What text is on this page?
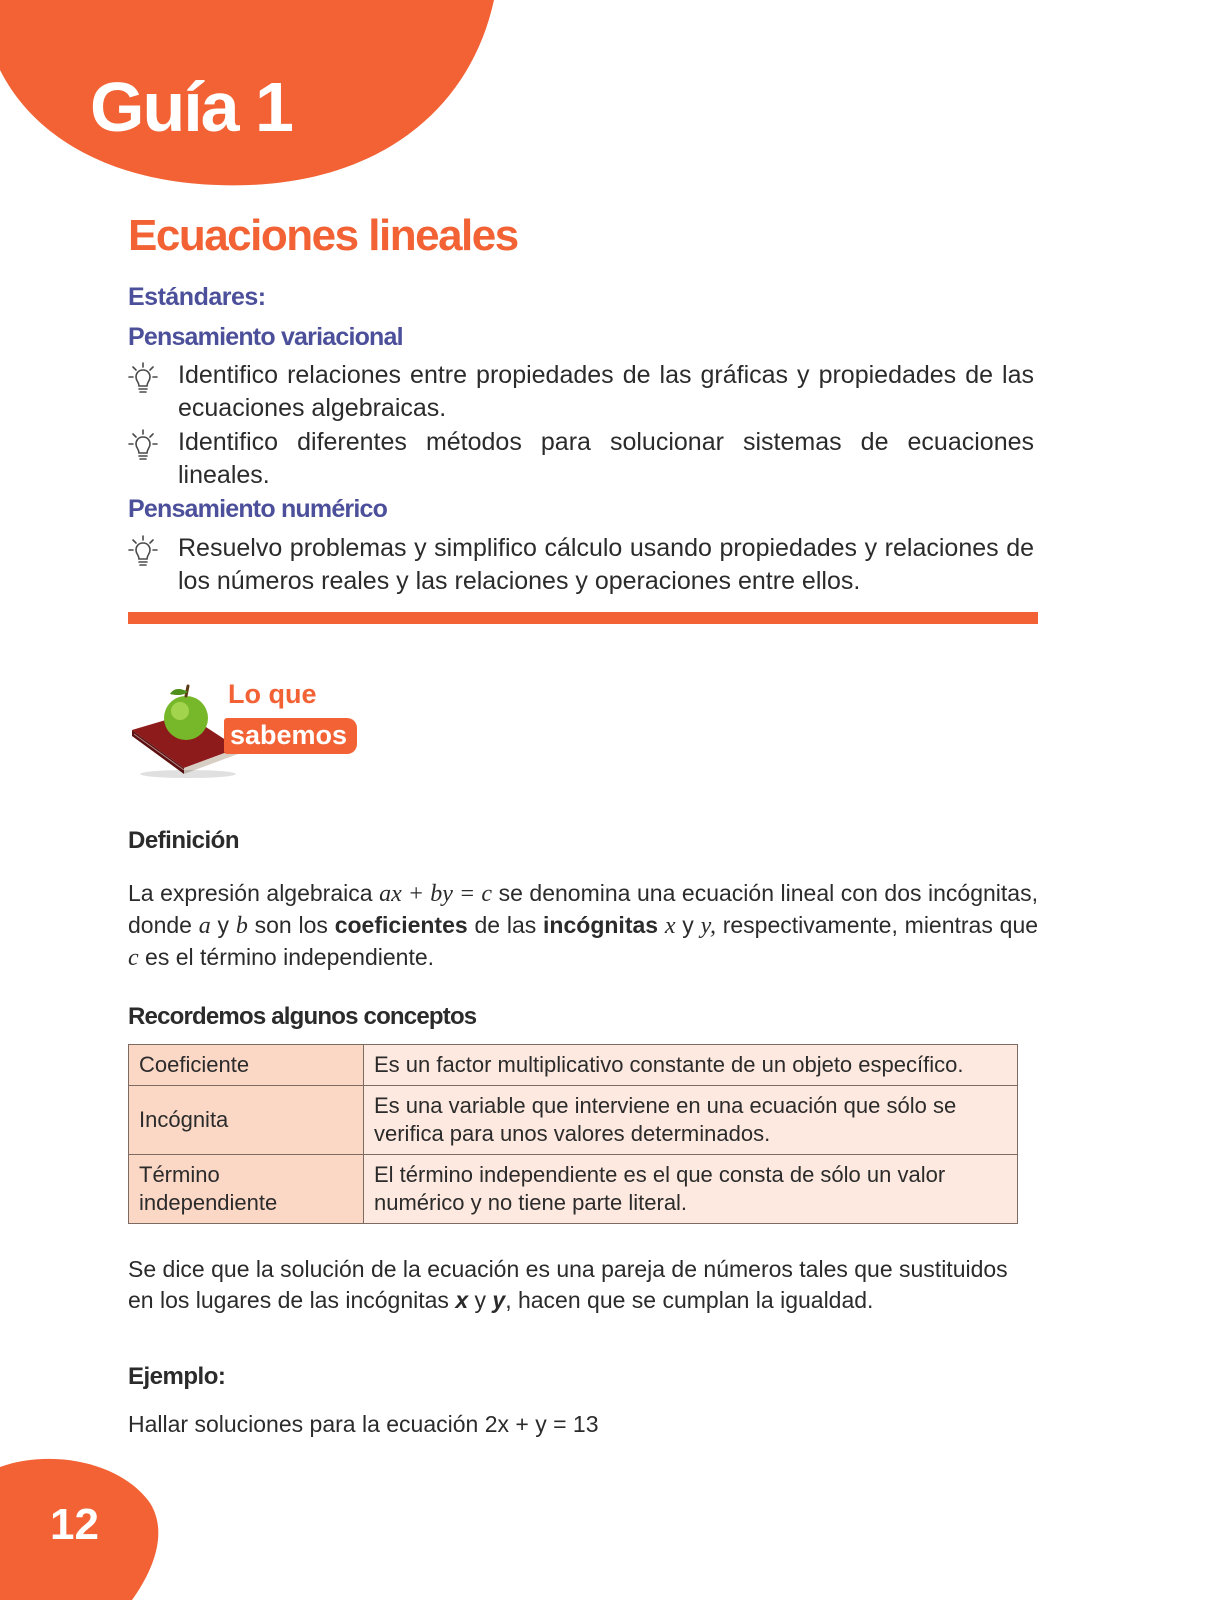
Guía 1
Ecuaciones lineales
Estándares:
Pensamiento variacional
Identifico relaciones entre propiedades de las gráficas y propiedades de las ecuaciones algebraicas.
Identifico diferentes métodos para solucionar sistemas de ecuaciones lineales.
Pensamiento numérico
Resuelvo problemas y simplifico cálculo usando propiedades y relaciones de los números reales y las relaciones y operaciones entre ellos.
Lo que
sabemos
Definición

La expresión algebraica ax + by = c se denomina una ecuación lineal con dos incógnitas, donde a y b son los coeficientes de las incógnitas x y y, respectivamente, mientras que c es el término independiente.

Recordemos algunos conceptos
Coeficiente	Es un factor multiplicativo constante de un objeto específico.
Incógnita	Es una variable que interviene en una ecuación que sólo se verifica para unos valores determinados.
Término independiente	El término independiente es el que consta de sólo un valor numérico y no tiene parte literal.

Se dice que la solución de la ecuación es una pareja de números tales que sustituidos en los lugares de las incógnitas x y y, hacen que se cumplan la igualdad.

Ejemplo:

Hallar soluciones para la ecuación 2x + y = 13

12
